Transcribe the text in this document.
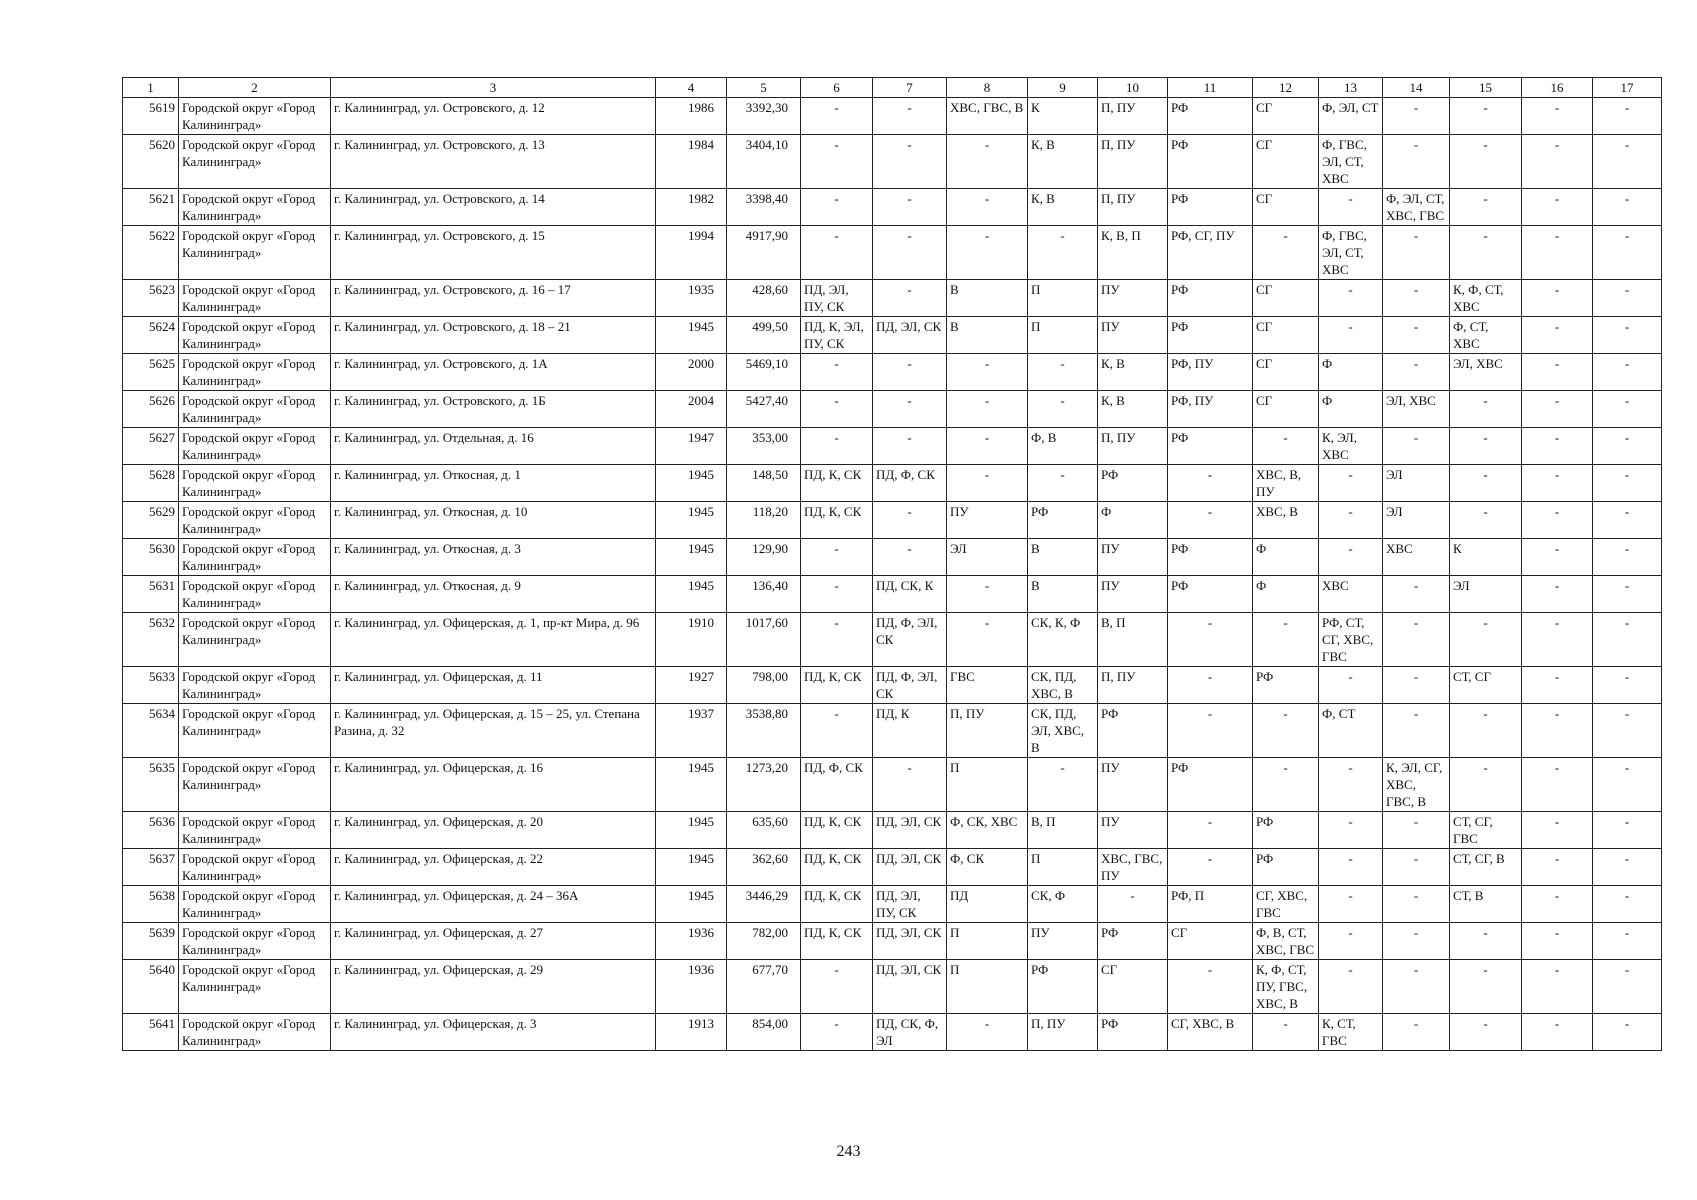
1	2	3	4	5	6	7	8	9	10	11	12	13	14	15	16	17
5619	Городской округ «Город Калининград»	г. Калининград, ул. Островского, д. 12	1986	3392,30	-	-	ХВС, ГВС, В	К	П, ПУ	РФ	СГ	Ф, ЭЛ, СТ	-	-	-	-
5620	Городской округ «Город Калининград»	г. Калининград, ул. Островского, д. 13	1984	3404,10	-	-	-	К, В	П, ПУ	РФ	СГ	Ф, ГВС, ЭЛ, СТ, ХВС	-	-	-	-
5621	Городской округ «Город Калининград»	г. Калининград, ул. Островского, д. 14	1982	3398,40	-	-	-	К, В	П, ПУ	РФ	СГ	-	Ф, ЭЛ, СТ, ХВС, ГВС	-	-	-
5622	Городской округ «Город Калининград»	г. Калининград, ул. Островского, д. 15	1994	4917,90	-	-	-	-	К, В, П	РФ, СГ, ПУ	-	Ф, ГВС, ЭЛ, СТ, ХВС	-	-	-	-
5623	Городской округ «Город Калининград»	г. Калининград, ул. Островского, д. 16 – 17	1935	428,60	ПД, ЭЛ, ПУ, СК	-	В	П	ПУ	РФ	СГ	-	-	К, Ф, СТ, ХВС	-	-
5624	Городской округ «Город Калининград»	г. Калининград, ул. Островского, д. 18 – 21	1945	499,50	ПД, К, ЭЛ, ПУ, СК	ПД, ЭЛ, СК	В	П	ПУ	РФ	СГ	-	-	Ф, СТ, ХВС	-	-
5625	Городской округ «Город Калининград»	г. Калининград, ул. Островского, д. 1А	2000	5469,10	-	-	-	-	К, В	РФ, ПУ	СГ	Ф	-	ЭЛ, ХВС	-	-
5626	Городской округ «Город Калининград»	г. Калининград, ул. Островского, д. 1Б	2004	5427,40	-	-	-	-	К, В	РФ, ПУ	СГ	Ф	ЭЛ, ХВС	-	-	-
5627	Городской округ «Город Калининград»	г. Калининград, ул. Отдельная, д. 16	1947	353,00	-	-	-	Ф, В	П, ПУ	РФ	-	К, ЭЛ, ХВС	-	-	-	-
5628	Городской округ «Город Калининград»	г. Калининград, ул. Откосная, д. 1	1945	148,50	ПД, К, СК	ПД, Ф, СК	-	-	РФ	-	ХВС, В, ПУ	-	ЭЛ	-	-	-
5629	Городской округ «Город Калининград»	г. Калининград, ул. Откосная, д. 10	1945	118,20	ПД, К, СК	-	ПУ	РФ	Ф	-	ХВС, В	-	ЭЛ	-	-	-
5630	Городской округ «Город Калининград»	г. Калининград, ул. Откосная, д. 3	1945	129,90	-	-	ЭЛ	В	ПУ	РФ	Ф	-	ХВС	К	-	-
5631	Городской округ «Город Калининград»	г. Калининград, ул. Откосная, д. 9	1945	136,40	-	ПД, СК, К	-	В	ПУ	РФ	Ф	ХВС	-	ЭЛ	-	-
5632	Городской округ «Город Калининград»	г. Калининград, ул. Офицерская, д. 1, пр-кт Мира, д. 96	1910	1017,60	-	ПД, Ф, ЭЛ, СК	-	СК, К, Ф	В, П	-	-	РФ, СТ, СГ, ХВС, ГВС	-	-	-	-
5633	Городской округ «Город Калининград»	г. Калининград, ул. Офицерская, д. 11	1927	798,00	ПД, К, СК	ПД, Ф, ЭЛ, СК	ГВС	СК, ПД, ХВС, В	П, ПУ	-	РФ	-	-	СТ, СГ	-	-
5634	Городской округ «Город Калининград»	г. Калининград, ул. Офицерская, д. 15 – 25, ул. Степана Разина, д. 32	1937	3538,80	-	ПД, К	П, ПУ	СК, ПД, ЭЛ, ХВС, В	РФ	-	-	Ф, СТ	-	-	-	-
5635	Городской округ «Город Калининград»	г. Калининград, ул. Офицерская, д. 16	1945	1273,20	ПД, Ф, СК	-	П	-	ПУ	РФ	-	-	К, ЭЛ, СГ, ХВС, ГВС, В	-	-	-
5636	Городской округ «Город Калининград»	г. Калининград, ул. Офицерская, д. 20	1945	635,60	ПД, К, СК	ПД, ЭЛ, СК	Ф, СК, ХВС	В, П	ПУ	-	РФ	-	-	СТ, СГ, ГВС	-	-
5637	Городской округ «Город Калининград»	г. Калининград, ул. Офицерская, д. 22	1945	362,60	ПД, К, СК	ПД, ЭЛ, СК	Ф, СК	П	ХВС, ГВС, ПУ	-	РФ	-	-	СТ, СГ, В	-	-
5638	Городской округ «Город Калининград»	г. Калининград, ул. Офицерская, д. 24 – 36А	1945	3446,29	ПД, К, СК	ПД, ЭЛ, ПУ, СК	ПД	СК, Ф	-	РФ, П	СГ, ХВС, ГВС	-	-	СТ, В	-	-
5639	Городской округ «Город Калининград»	г. Калининград, ул. Офицерская, д. 27	1936	782,00	ПД, К, СК	ПД, ЭЛ, СК	П	ПУ	РФ	СГ	Ф, В, СТ, ХВС, ГВС	-	-	-	-	-
5640	Городской округ «Город Калининград»	г. Калининград, ул. Офицерская, д. 29	1936	677,70	-	ПД, ЭЛ, СК	П	РФ	СГ	-	К, Ф, СТ, ПУ, ГВС, ХВС, В	-	-	-	-	-
5641	Городской округ «Город Калининград»	г. Калининград, ул. Офицерская, д. 3	1913	854,00	-	ПД, СК, Ф, ЭЛ	-	П, ПУ	РФ	СГ, ХВС, В	-	К, СТ, ГВС	-	-	-	-
243
